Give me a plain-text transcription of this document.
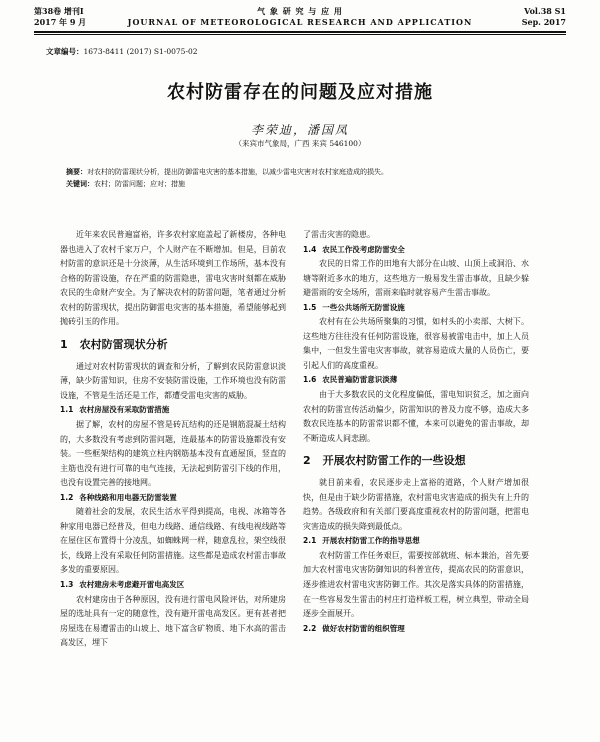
第38卷 增刊Ⅰ	气 象 研 究 与 应 用	Vol.38 S1
2017 年 9 月	JOURNAL OF METEOROLOGICAL RESEARCH AND APPLICATION	Sep. 2017
文章编号：1673-8411 (2017) S1-0075-02
农村防雷存在的问题及应对措施
李荣迪，潘国凤
（来宾市气象局，广西 来宾 546100）
摘要：对农村的防雷现状分析，提出防御雷电灾害的基本措施，以减少雷电灾害对农村家庭造成的损失。
关键词：农村；防雷问题；应对；措施

近年来农民普遍富裕，许多农村家庭盖起了新楼房，各种电器也进入了农村千家万户，个人财产在不断增加。但是，目前农村防雷的意识还是十分淡薄，从生活环境到工作场所，基本没有合格的防雷设施，存在严重的防雷隐患，雷电灾害时刻都在威胁农民的生命财产安全。为了解决农村的防雷问题，笔者通过分析农村的防雷现状，提出防御雷电灾害的基本措施，希望能够起到抛砖引玉的作用。

1 农村防雷现状分析

通过对农村防雷现状的调查和分析，了解到农民防雷意识淡薄，缺少防雷知识，住房不安装防雷设施，工作环境也没有防雷设施，不管是生活还是工作，都遭受雷电灾害的威胁。

1.1 农村房屋没有采取防雷措施

据了解，农村的房屋不管是砖瓦结构的还是钢筋混凝土结构的，大多数没有考虑到防雷问题，连最基本的防雷设施都没有安装。一些框架结构的建筑立柱内钢筋基本没有直通屋顶，竖直的主筋也没有进行可靠的电气连接，无法起到防雷引下线的作用，也没有设置完善的接地网。

1.2 各种线路和用电器无防雷装置

随着社会的发展，农民生活水平得到提高，电视、冰箱等各种家用电器已经普及，但电力线路、通信线路、有线电视线路等在屋住区布置得十分凌乱，如蜘蛛网一样，随意乱拉，架空线很长，线路上没有采取任何防雷措施。这些都是造成农村雷击事故多发的重要原因。

1.3 农村建房未考虑避开雷电高发区

农村建房由于各种原因，没有进行雷电风险评估，对所建房屋的选址具有一定的随意性，没有避开雷电高发区。更有甚者把房屋选在易遭雷击的山坡上、地下富含矿物质、地下水高的雷击高发区，埋下

了雷击灾害的隐患。

1.4 农民工作没考虑防雷安全

农民的日常工作的田地有大部分在山坡、山顶上或洞沿、水塘等附近多水的地方，这些地方一般易发生雷击事故，且缺少躲避雷雨的安全场所，雷雨来临时就容易产生雷击事故。

1.5 一些公共场所无防雷设施

农村有在公共场所聚集的习惯，如村头的小卖部、大树下。这些地方往往没有任何防雷设施，很容易被雷电击中，加上人员集中，一但发生雷电灾害事故，就容易造成大量的人员伤亡，要引起人们的高度重视。

1.6 农民普遍防雷意识淡薄

由于大多数农民的文化程度偏低，雷电知识贫乏，加之面向农村的防雷宣传活动偏少，防雷知识的普及力度不够，造成大多数农民连基本的防雷常识都不懂，本来可以避免的雷击事故，却不断造成人间悲剧。

2 开展农村防雷工作的一些设想

就目前来看，农民逐步走上富裕的道路，个人财产增加很快，但是由于缺少防雷措施，农村雷电灾害造成的损失有上升的趋势。各级政府和有关部门要高度重视农村的防雷问题，把雷电灾害造成的损失降到最低点。

2.1 开展农村防雷工作的指导思想

农村防雷工作任务艰巨，需要按部就班、标本兼治，首先要加大农村雷电灾害防御知识的科普宣传，提高农民的防雷意识，逐步推进农村雷电灾害防御工作。其次是落实具体的防雷措施，在一些容易发生雷击的村庄打造样板工程，树立典型，带动全局逐步全面展开。

2.2 做好农村防雷的组织管理
